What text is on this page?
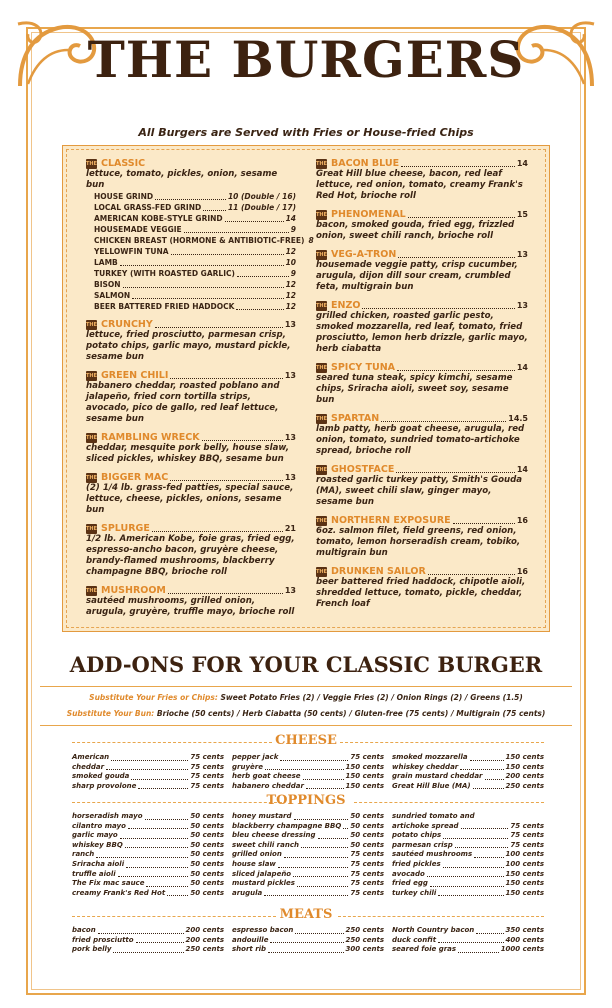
THE BURGERS
All Burgers are Served with Fries or House-fried Chips
THE CLASSIC
lettuce, tomato, pickles, onion, sesame bun
HOUSE GRIND	10 (Double / 16)
LOCAL GRASS-FED GRIND	11 (Double / 17)
AMERICAN KOBE-STYLE GRIND	14
HOUSEMADE VEGGIE	9
CHICKEN BREAST (HORMONE & ANTIBIOTIC-FREE) 8
YELLOWFIN TUNA	12
LAMB	10
TURKEY (WITH ROASTED GARLIC)	9
BISON	12
SALMON	12
BEER BATTERED FRIED HADDOCK	12
THE CRUNCHY	13
lettuce, fried prosciutto, parmesan crisp, potato chips, garlic mayo, mustard pickle, sesame bun
THE GREEN CHILI	13
habanero cheddar, roasted poblano and jalapeño, fried corn tortilla strips, avocado, pico de gallo, red leaf lettuce, sesame bun
THE RAMBLING WRECK	13
cheddar, mesquite pork belly, house slaw, sliced pickles, whiskey BBQ, sesame bun
THE BIGGER MAC	13
(2) 1/4 lb. grass-fed patties, special sauce, lettuce, cheese, pickles, onions, sesame bun
THE SPLURGE	21
1/2 lb. American Kobe, foie gras, fried egg, espresso-ancho bacon, gruyère cheese, brandy-flamed mushrooms, blackberry champagne BBQ, brioche roll
THE MUSHROOM	13
sautéed mushrooms, grilled onion, arugula, gruyère, truffle mayo, brioche roll
THE BACON BLUE	14
Great Hill blue cheese, bacon, red leaf lettuce, red onion, tomato, creamy Frank's Red Hot, brioche roll
THE PHENOMENAL	15
bacon, smoked gouda, fried egg, frizzled onion, sweet chili ranch, brioche roll
THE VEG-A-TRON	13
housemade veggie patty, crisp cucumber, arugula, dijon dill sour cream, crumbled feta, multigrain bun
THE ENZO	13
grilled chicken, roasted garlic pesto, smoked mozzarella, red leaf, tomato, fried prosciutto, lemon herb drizzle, garlic mayo, herb ciabatta
THE SPICY TUNA	14
seared tuna steak, spicy kimchi, sesame chips, Sriracha aioli, sweet soy, sesame bun
THE SPARTAN	14.5
lamb patty, herb goat cheese, arugula, red onion, tomato, sundried tomato-artichoke spread, brioche roll
THE GHOSTFACE	14
roasted garlic turkey patty, Smith's Gouda (MA), sweet chili slaw, ginger mayo, sesame bun
THE NORTHERN EXPOSURE	16
6oz. salmon filet, field greens, red onion, tomato, lemon horseradish cream, tobiko, multigrain bun
THE DRUNKEN SAILOR	16
beer battered fried haddock, chipotle aioli, shredded lettuce, tomato, pickle, cheddar, French loaf
ADD-ONS FOR YOUR CLASSIC BURGER
Substitute Your Fries or Chips: Sweet Potato Fries (2) / Veggie Fries (2) / Onion Rings (2) / Greens (1.5)
Substitute Your Bun: Brioche (50 cents) / Herb Ciabatta (50 cents) / Gluten-free (75 cents) / Multigrain (75 cents)
CHEESE
American	75 cents
cheddar	75 cents
smoked gouda	75 cents
sharp provolone	75 cents
pepper jack	75 cents
gruyère	150 cents
herb goat cheese	150 cents
habanero cheddar	150 cents
smoked mozzarella	150 cents
whiskey cheddar	150 cents
grain mustard cheddar	200 cents
Great Hill Blue (MA)	250 cents
TOPPINGS
horseradish mayo	50 cents
cilantro mayo	50 cents
garlic mayo	50 cents
whiskey BBQ	50 cents
ranch	50 cents
Sriracha aioli	50 cents
truffle aioli	50 cents
The Fix mac sauce	50 cents
creamy Frank's Red Hot	50 cents
honey mustard	50 cents
blackberry champagne BBQ 50 cents
bleu cheese dressing	50 cents
sweet chili ranch	50 cents
grilled onion	75 cents
house slaw	75 cents
sliced jalapeño	75 cents
mustard pickles	75 cents
arugula	75 cents
sundried tomato and
artichoke spread	75 cents
potato chips	75 cents
parmesan crisp	75 cents
sautéed mushrooms	100 cents
fried pickles	100 cents
avocado	150 cents
fried egg	150 cents
turkey chili	150 cents
MEATS
bacon	200 cents
fried prosciutto	200 cents
pork belly	250 cents
espresso bacon	250 cents
andouille	250 cents
short rib	300 cents
North Country bacon	350 cents
duck confit	400 cents
seared foie gras	1000 cents
